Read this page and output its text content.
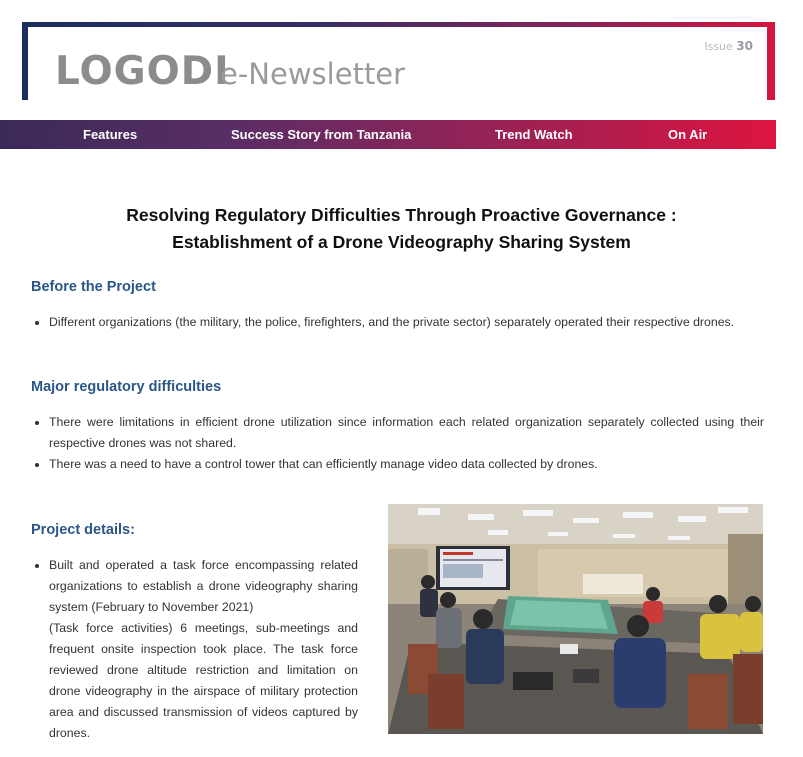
LOGODI
e-Newsletter
Issue 30
Features	Success Story from Tanzania	Trend Watch	On Air
Resolving Regulatory Difficulties Through Proactive Governance :
Establishment of a Drone Videography Sharing System
Before the Project
Different organizations (the military, the police, firefighters, and the private sector) separately operated their respective drones.
Major regulatory difficulties
There were limitations in efficient drone utilization since information each related organization separately collected using their respective drones was not shared.
There was a need to have a control tower that can efficiently manage video data collected by drones.
Project details:
Built and operated a task force encompassing related organizations to establish a drone videography sharing system (February to November 2021)
(Task force activities) 6 meetings, sub-meetings and frequent onsite inspection took place. The task force reviewed drone altitude restriction and limitation on drone videography in the airspace of military protection area and discussed transmission of videos captured by drones.
